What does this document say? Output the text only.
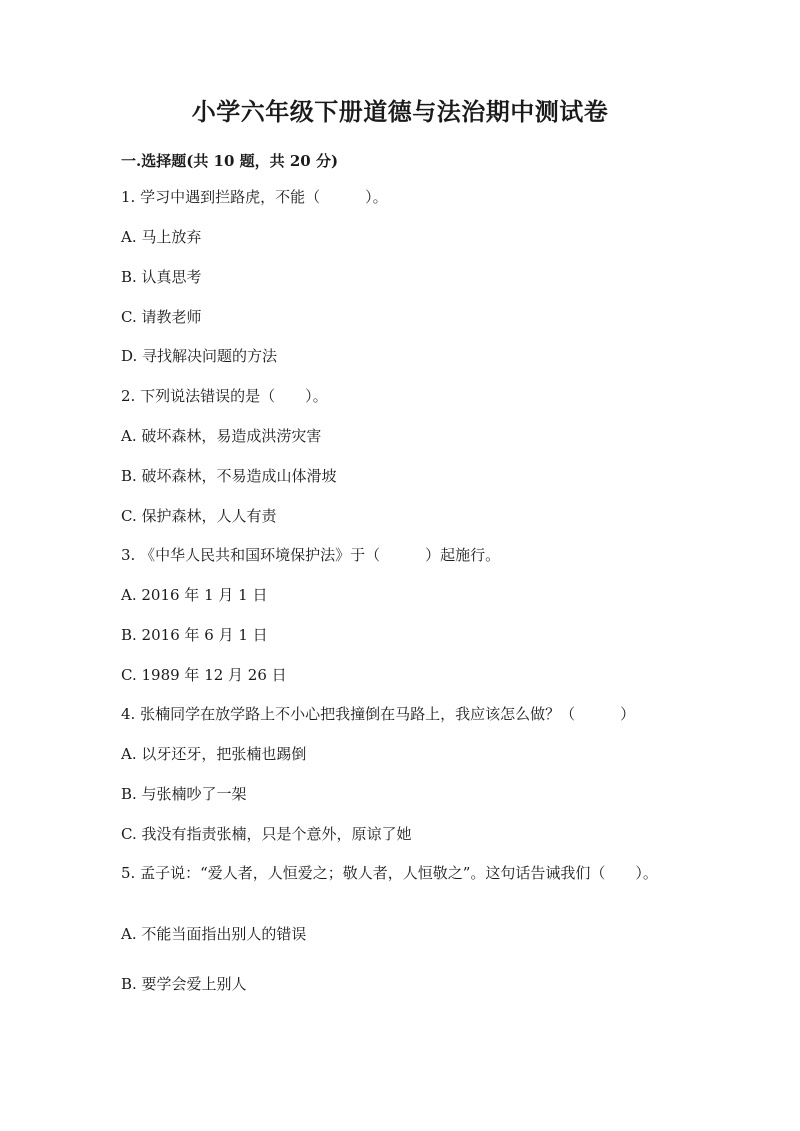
小学六年级下册道德与法治期中测试卷
一.选择题(共 10 题，共 20 分)
1. 学习中遇到拦路虎，不能（　　　）。
A. 马上放弃
B. 认真思考
C. 请教老师
D. 寻找解决问题的方法
2. 下列说法错误的是（　　）。
A. 破坏森林，易造成洪涝灾害
B. 破坏森林，不易造成山体滑坡
C. 保护森林，人人有责
3. 《中华人民共和国环境保护法》于（　　　）起施行。
A. 2016 年 1 月 1 日
B. 2016 年 6 月 1 日
C. 1989 年 12 月 26 日
4. 张楠同学在放学路上不小心把我撞倒在马路上，我应该怎么做？（　　　）
A. 以牙还牙，把张楠也踢倒
B. 与张楠吵了一架
C. 我没有指责张楠，只是个意外，原谅了她
5. 孟子说：“爱人者，人恒爱之；敬人者，人恒敬之”。这句话告诫我们（　　）。
A. 不能当面指出别人的错误
B. 要学会爱上别人
